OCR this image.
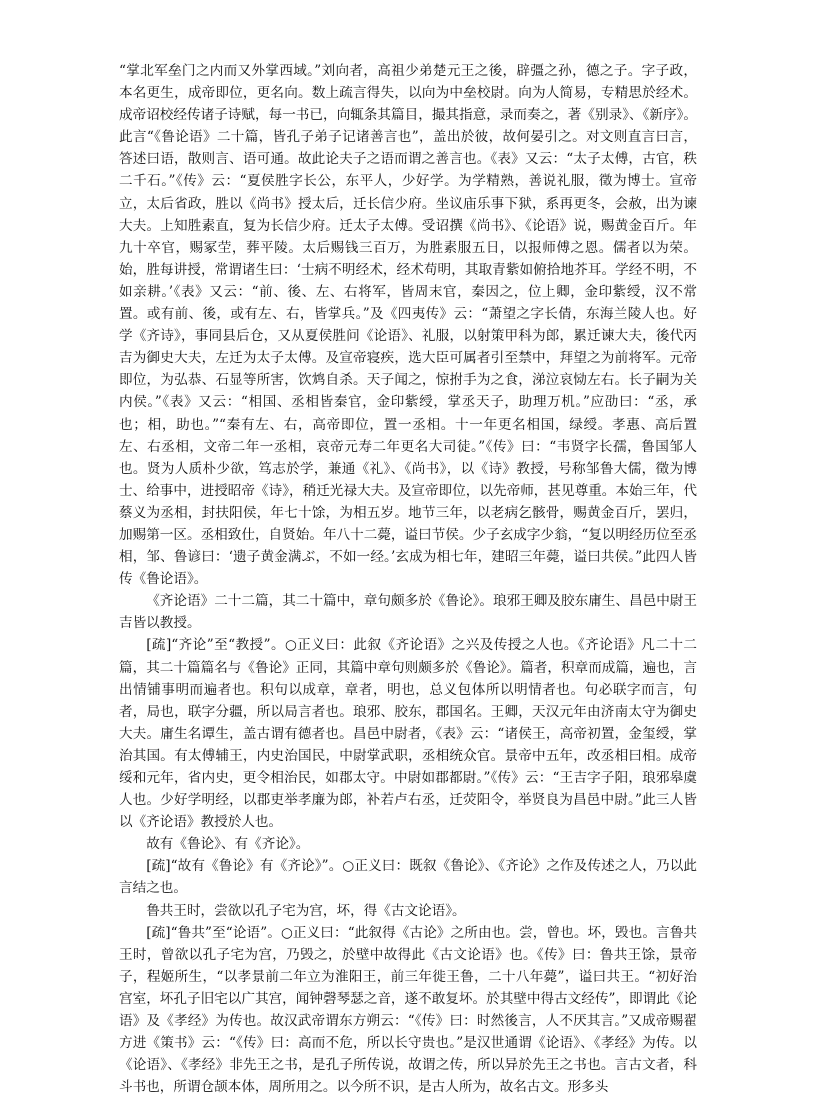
“掌北军垒门之内而又外掌西域。”刘向者，高祖少弟楚元王之後，辟彊之孙，德之子。字子政，本名更生，成帝即位，更名向。数上疏言得失，以向为中垒校尉。向为人简易，专精思於经术。成帝诏校经传诸子诗赋，每一书已，向辄条其篇目，撮其指意，录而奏之，著《别录》、《新序》。此言“《鲁论语》二十篇，皆孔子弟子记诸善言也”，盖出於彼，故何晏引之。对文则直言曰言，答述曰语，散则言、语可通。故此论夫子之语而谓之善言也。《表》又云：“太子太傅，古官，秩二千石。”《传》云：“夏侯胜字长公，东平人，少好学。为学精熟，善说礼服，徵为博士。宣帝立，太后省政，胜以《尚书》授太后，迁长信少府。坐议庙乐事下狱，系再更冬，会赦，出为谏大夫。上知胜素直，复为长信少府。迁太子太傅。受诏撰《尚书》、《论语》说，赐黄金百斤。年九十卒官，赐冢茔，葬平陵。太后赐钱三百万，为胜素服五日，以报师傅之恩。儒者以为荣。始，胜每讲授，常谓诸生曰：‘士病不明经术，经术苟明，其取青紫如俯拾地芥耳。学经不明，不如亲耕。’《表》又云：“前、後、左、右将军，皆周末官，秦因之，位上卿，金印紫绶，汉不常置。或有前、後，或有左、右，皆掌兵。”及《四夷传》云：“萧望之字长倩，东海兰陵人也。好学《齐诗》，事同县后仓，又从夏侯胜问《论语》、礼服，以射策甲科为郎，累迁谏大夫，後代丙吉为御史大夫，左迁为太子太傅。及宣帝寝疾，选大臣可属者引至禁中，拜望之为前将军。元帝即位，为弘恭、石显等所害，饮鸩自杀。天子闻之，惊拊手为之食，涕泣哀恸左右。长子嗣为关内侯。”《表》又云：“相国、丞相皆秦官，金印紫绶，掌丞天子，助理万机。”应劭曰：“丞，承也；相，助也。”“秦有左、右，高帝即位，置一丞相。十一年更名相国，绿绶。孝惠、高后置左、右丞相，文帝二年一丞相，哀帝元寿二年更名大司徒。”《传》曰：“韦贤字长孺，鲁国邹人也。贤为人质朴少欲，笃志於学，兼通《礼》、《尚书》，以《诗》教授，号称邹鲁大儒，徵为博士、给事中，进授昭帝《诗》，稍迁光禄大夫。及宣帝即位，以先帝师，甚见尊重。本始三年，代蔡义为丞相，封扶阳侯，年七十馀，为相五岁。地节三年，以老病乞骸骨，赐黄金百斤，罢归，加赐第一区。丞相致仕，自贤始。年八十二薨，谥曰节侯。少子玄成字少翁，“复以明经历位至丞相，邹、鲁谚曰：‘遗子黄金满ぶ，不如一经。’玄成为相七年，建昭三年薨，谥曰共侯。”此四人皆传《鲁论语》。

《齐论语》二十二篇，其二十篇中，章句颇多於《鲁论》。琅邪王卿及胶东庸生、昌邑中尉王吉皆以教授。

[疏]“齐论”至“教授”。○正义曰：此叙《齐论语》之兴及传授之人也。《齐论语》凡二十二篇，其二十篇篇名与《鲁论》正同，其篇中章句则颇多於《鲁论》。篇者，积章而成篇，遍也，言出情铺事明而遍者也。积句以成章，章者，明也，总义包体所以明情者也。句必联字而言，句者，局也，联字分疆，所以局言者也。琅邪、胶东，郡国名。王卿，天汉元年由济南太守为御史大夫。庸生名谭生，盖古谓有德者也。昌邑中尉者，《表》云：“诸侯王，高帝初置，金玺绶，掌治其国。有太傅辅王，内史治国民，中尉掌武职，丞相统众官。景帝中五年，改丞相曰相。成帝绥和元年，省内史，更令相治民，如郡太守。中尉如郡都尉。”《传》云：“王吉字子阳，琅邪皋虞人也。少好学明经，以郡吏举孝廉为郎，补若卢右丞，迁荧阳令，举贤良为昌邑中尉。”此三人皆以《齐论语》教授於人也。

故有《鲁论》、有《齐论》。

[疏]“故有《鲁论》有《齐论》”。○正义曰：既叙《鲁论》、《齐论》之作及传述之人，乃以此言结之也。

鲁共王时，尝欲以孔子宅为宫，坏，得《古文论语》。

[疏]“鲁共”至“论语”。○正义曰：“此叙得《古论》之所由也。尝，曾也。坏，毁也。言鲁共王时，曾欲以孔子宅为宫，乃毁之，於壁中故得此《古文论语》也。《传》曰：鲁共王馀，景帝子，程姬所生，“以孝景前二年立为淮阳王，前三年徙王鲁，二十八年薨”，谥曰共王。“初好治宫室，坏孔子旧宅以广其宫，闻钟磬琴瑟之音，遂不敢复坏。於其壁中得古文经传”，即谓此《论语》及《孝经》为传也。故汉武帝谓东方朔云：“《传》曰：时然後言，人不厌其言。”又成帝赐翟方进《策书》云：“《传》曰：高而不危，所以长守贵也。”是汉世通谓《论语》、《孝经》为传。以《论语》、《孝经》非先王之书，是孔子所传说，故谓之传，所以异於先王之书也。言古文者，科斗书也，所谓仓颉本体，周所用之。以今所不识，是古人所为，故名古文。形多头
